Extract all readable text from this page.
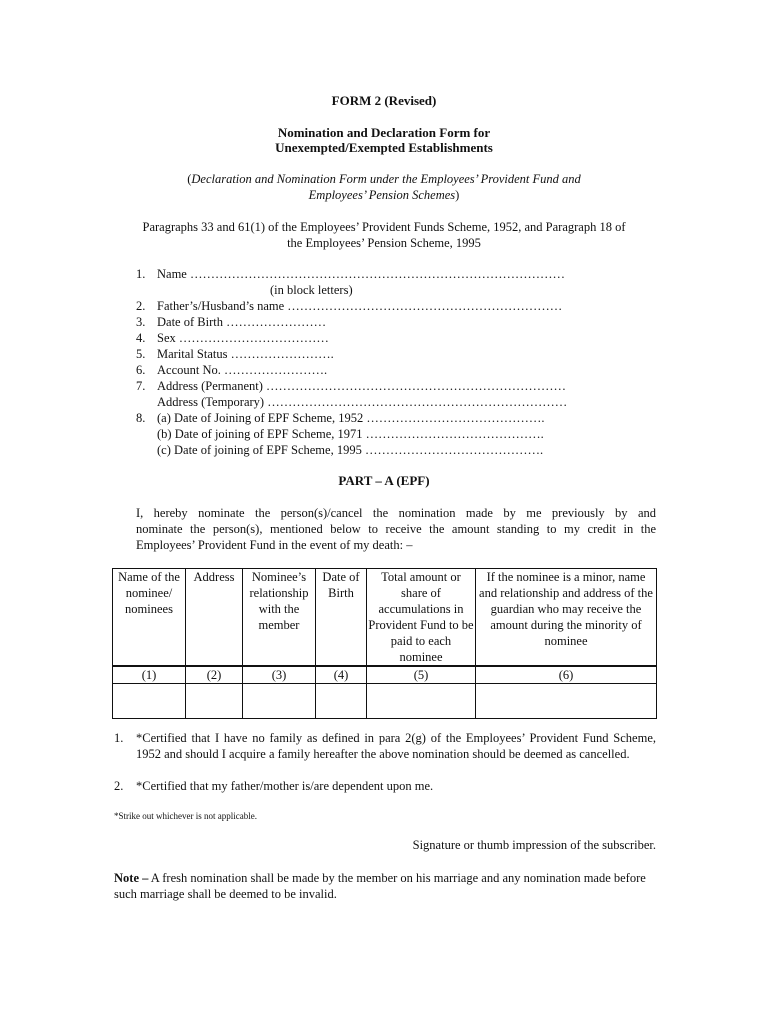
FORM 2 (Revised)
Nomination and Declaration Form for
Unexempted/Exempted Establishments
(Declaration and Nomination Form under the Employees’ Provident Fund and
Employees’ Pension Schemes)
Paragraphs 33 and 61(1) of the Employees’ Provident Funds Scheme, 1952, and Paragraph 18 of
the Employees’ Pension Scheme, 1995
1. Name ………………………………………………………………………………
(in block letters)
2. Father’s/Husband’s name …………………………………………………………
3. Date of Birth ……………………
4. Sex ………………………………
5. Marital Status …………………….
6. Account No. …………………….
7. Address (Permanent) ………………………………………………………………
Address (Temporary) ………………………………………………………………
8. (a) Date of Joining of EPF Scheme, 1952 …………………………………….
(b) Date of joining of EPF Scheme, 1971 …………………………………….
(c) Date of joining of EPF Scheme, 1995 …………………………………….
PART – A (EPF)
I, hereby nominate the person(s)/cancel the nomination made by me previously by and
nominate the person(s), mentioned below to receive the amount standing to my credit in the
Employees’ Provident Fund in the event of my death: –
Name of the nominee/ nominees	Address	Nominee’s relationship with the member	Date of Birth	Total amount or share of accumulations in Provident Fund to be paid to each nominee	If the nominee is a minor, name and relationship and address of the guardian who may receive the amount during the minority of nominee
(1)	(2)	(3)	(4)	(5)	(6)

1. *Certified that I have no family as defined in para 2(g) of the Employees’ Provident Fund Scheme, 1952 and should I acquire a family hereafter the above nomination should be deemed as cancelled.
2. *Certified that my father/mother is/are dependent upon me.
*Strike out whichever is not applicable.
Signature or thumb impression of the subscriber.
Note – A fresh nomination shall be made by the member on his marriage and any nomination made before such marriage shall be deemed to be invalid.
